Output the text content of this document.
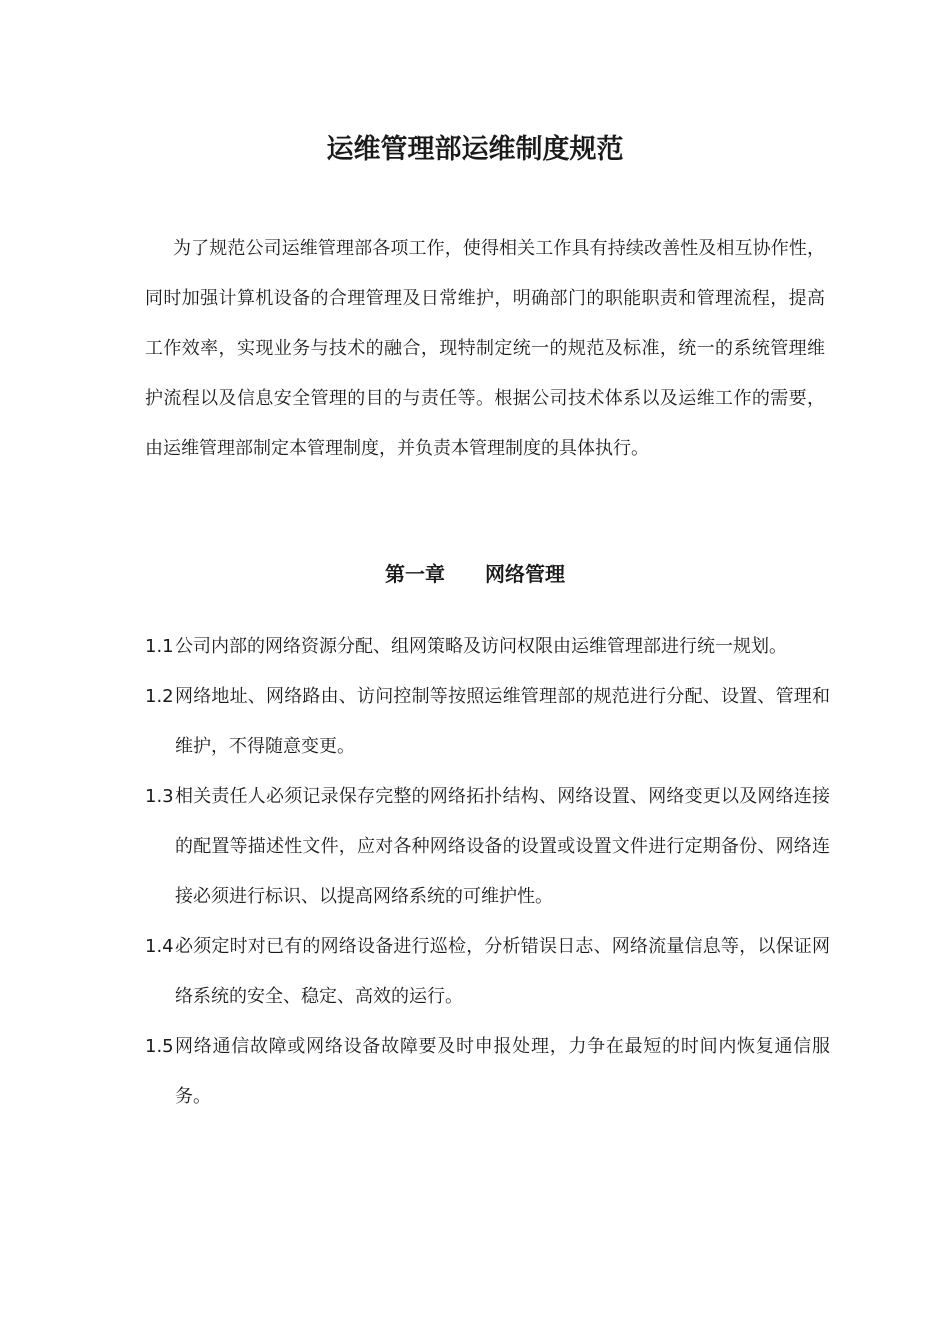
运维管理部运维制度规范

为了规范公司运维管理部各项工作，使得相关工作具有持续改善性及相互协作性，同时加强计算机设备的合理管理及日常维护，明确部门的职能职责和管理流程，提高工作效率，实现业务与技术的融合，现特制定统一的规范及标准，统一的系统管理维护流程以及信息安全管理的目的与责任等。根据公司技术体系以及运维工作的需要，由运维管理部制定本管理制度，并负责本管理制度的具体执行。

第一章 网络管理
1.1 公司内部的网络资源分配、组网策略及访问权限由运维管理部进行统一规划。
1.2 网络地址、网络路由、访问控制等按照运维管理部的规范进行分配、设置、管理和维护，不得随意变更。
1.3 相关责任人必须记录保存完整的网络拓扑结构、网络设置、网络变更以及网络连接的配置等描述性文件，应对各种网络设备的设置或设置文件进行定期备份、网络连接必须进行标识、以提高网络系统的可维护性。
1.4 必须定时对已有的网络设备进行巡检，分析错误日志、网络流量信息等，以保证网络系统的安全、稳定、高效的运行。
1.5 网络通信故障或网络设备故障要及时申报处理，力争在最短的时间内恢复通信服务。
